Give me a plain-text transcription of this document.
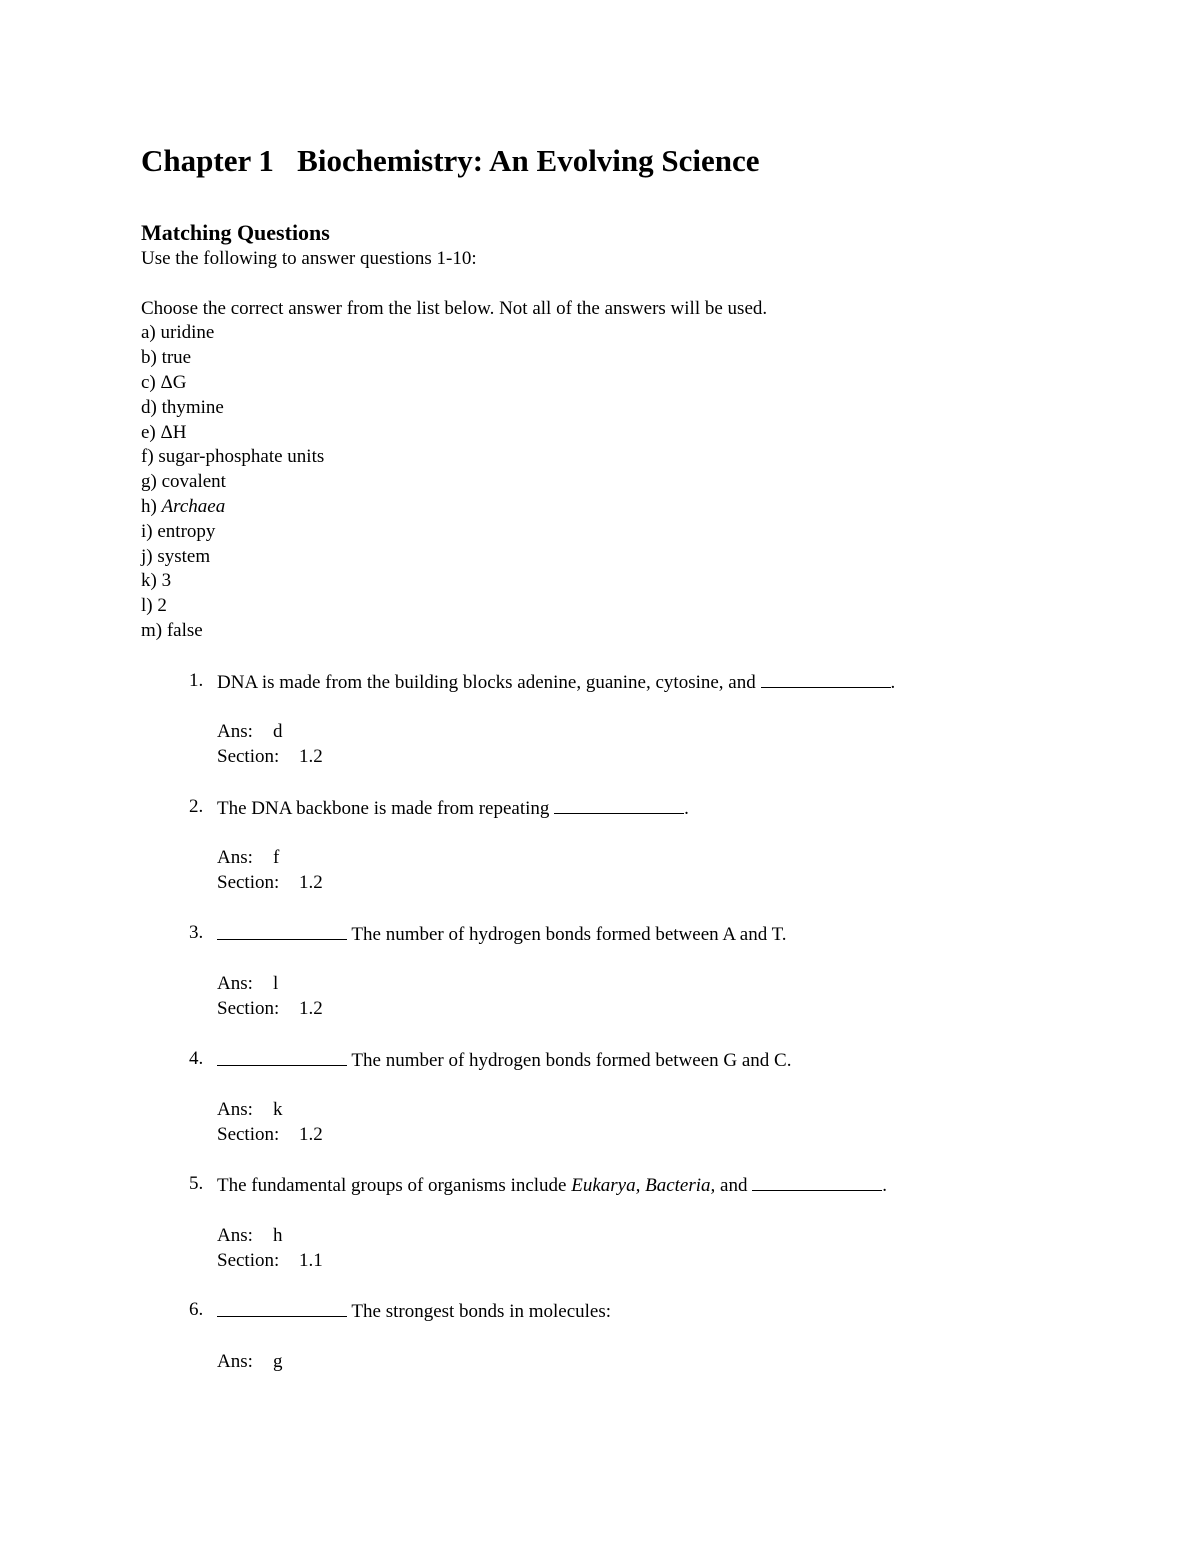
Chapter 1   Biochemistry: An Evolving Science
Matching Questions

Use the following to answer questions 1-10:

Choose the correct answer from the list below. Not all of the answers will be used.

a) uridine

b) true

c) ΔG

d) thymine

e) ΔH

f) sugar-phosphate units

g) covalent

h) Archaea

i) entropy

j) system

k) 3

l) 2

m) false

1. DNA is made from the building blocks adenine, guanine, cytosine, and	.

Ans: d

Section: 1.2

2. The DNA backbone is made from repeating	.

Ans: f

Section: 1.2

3.	The number of hydrogen bonds formed between A and T.

Ans: l

Section: 1.2

4.	The number of hydrogen bonds formed between G and C.

Ans: k

Section: 1.2

5. The fundamental groups of organisms include Eukarya, Bacteria, and	.

Ans: h

Section: 1.1

6.	The strongest bonds in molecules:

Ans: g
